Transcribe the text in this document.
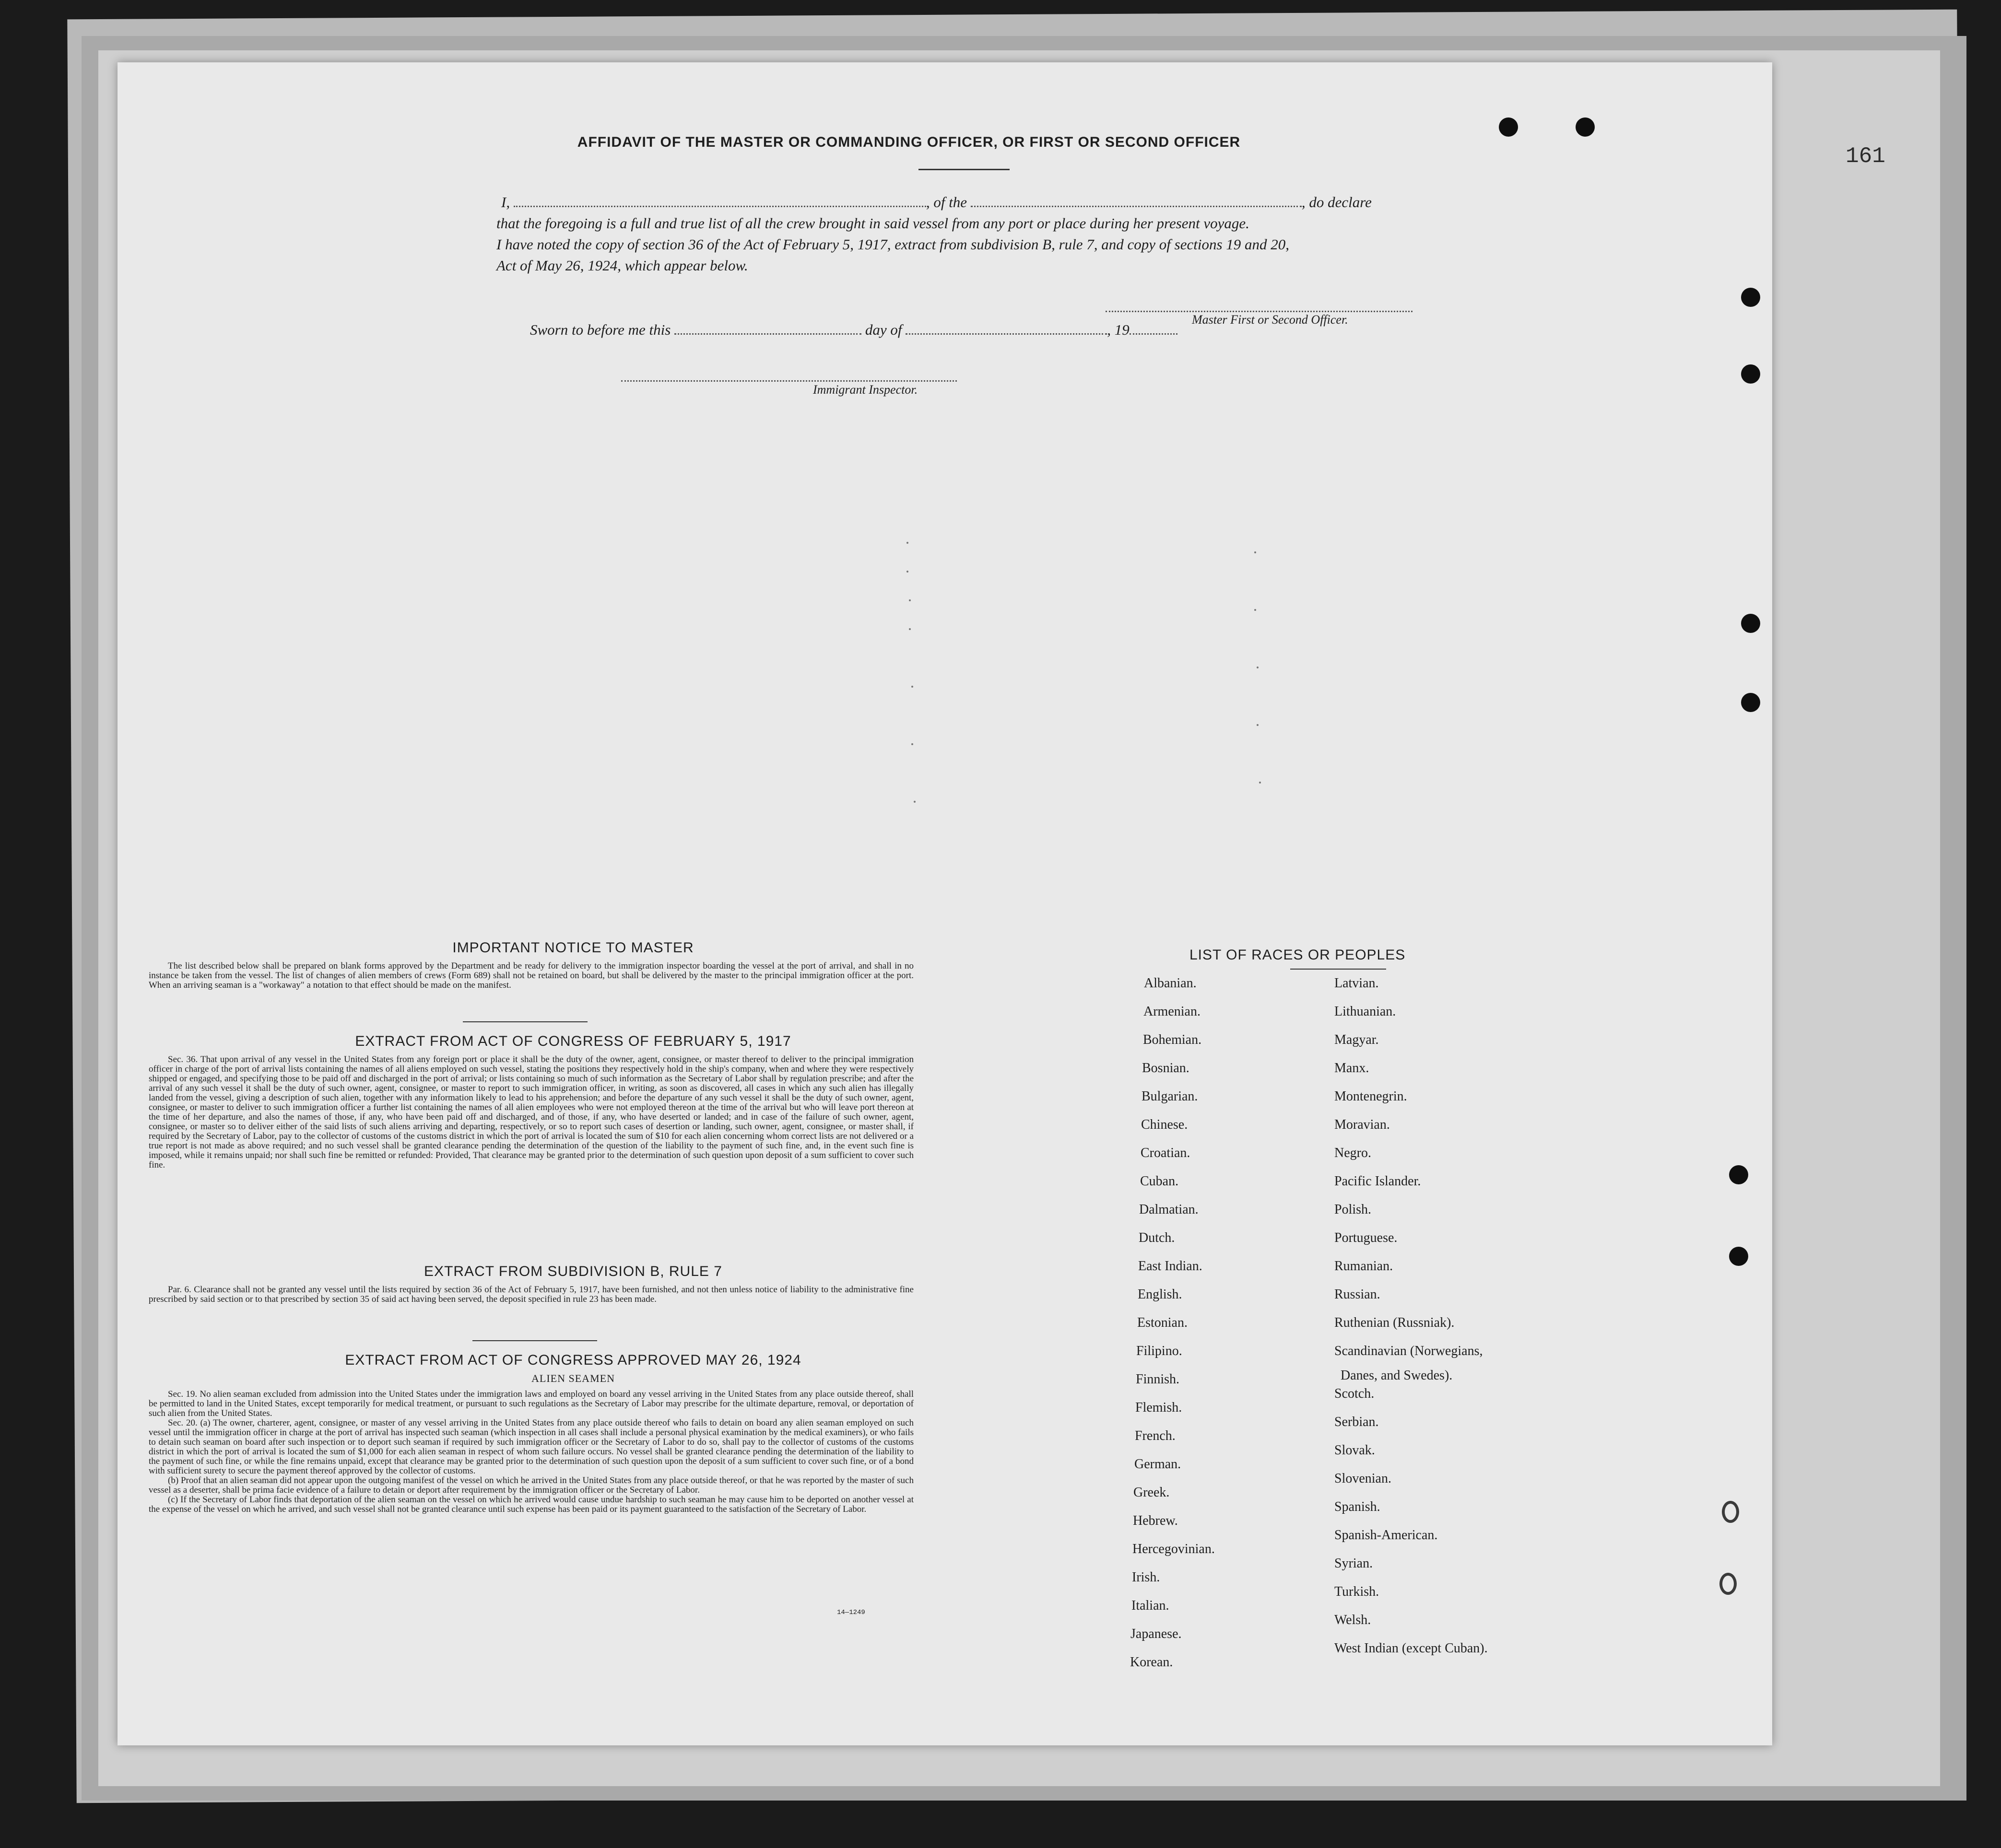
161
AFFIDAVIT OF THE MASTER OR COMMANDING OFFICER, OR FIRST OR SECOND OFFICER
I,	, of the	, do declare
that the foregoing is a full and true list of all the crew brought in said vessel from any port or place during her present voyage.
I have noted the copy of section 36 of the Act of February 5, 1917, extract from subdivision B, rule 7, and copy of sections 19 and 20,
Act of May 26, 1924, which appear below.
Master First or Second Officer.
Sworn to before me this	day of	, 19
Immigrant Inspector.
IMPORTANT NOTICE TO MASTER

The list described below shall be prepared on blank forms approved by the Department and be ready for delivery to the immigration inspector boarding the vessel at the port of arrival, and shall in no instance be taken from the vessel. The list of changes of alien members of crews (Form 689) shall not be retained on board, but shall be delivered by the master to the principal immigration officer at the port. When an arriving seaman is a "workaway" a notation to that effect should be made on the manifest.

EXTRACT FROM ACT OF CONGRESS OF FEBRUARY 5, 1917

Sec. 36. That upon arrival of any vessel in the United States from any foreign port or place it shall be the duty of the owner, agent, consignee, or master thereof to deliver to the principal immigration officer in charge of the port of arrival lists containing the names of all aliens employed on such vessel, stating the positions they respectively hold in the ship's company, when and where they were respectively shipped or engaged, and specifying those to be paid off and discharged in the port of arrival; or lists containing so much of such information as the Secretary of Labor shall by regulation prescribe; and after the arrival of any such vessel it shall be the duty of such owner, agent, consignee, or master to report to such immigration officer, in writing, as soon as discovered, all cases in which any such alien has illegally landed from the vessel, giving a description of such alien, together with any information likely to lead to his apprehension; and before the departure of any such vessel it shall be the duty of such owner, agent, consignee, or master to deliver to such immigration officer a further list containing the names of all alien employees who were not employed thereon at the time of the arrival but who will leave port thereon at the time of her departure, and also the names of those, if any, who have been paid off and discharged, and of those, if any, who have deserted or landed; and in case of the failure of such owner, agent, consignee, or master so to deliver either of the said lists of such aliens arriving and departing, respectively, or so to report such cases of desertion or landing, such owner, agent, consignee, or master shall, if required by the Secretary of Labor, pay to the collector of customs of the customs district in which the port of arrival is located the sum of $10 for each alien concerning whom correct lists are not delivered or a true report is not made as above required; and no such vessel shall be granted clearance pending the determination of the question of the liability to the payment of such fine, and, in the event such fine is imposed, while it remains unpaid; nor shall such fine be remitted or refunded: Provided, That clearance may be granted prior to the determination of such question upon deposit of a sum sufficient to cover such fine.

EXTRACT FROM SUBDIVISION B, RULE 7

Par. 6. Clearance shall not be granted any vessel until the lists required by section 36 of the Act of February 5, 1917, have been furnished, and not then unless notice of liability to the administrative fine prescribed by said section or to that prescribed by section 35 of said act having been served, the deposit specified in rule 23 has been made.

EXTRACT FROM ACT OF CONGRESS APPROVED MAY 26, 1924
ALIEN SEAMEN

Sec. 19. No alien seaman excluded from admission into the United States under the immigration laws and employed on board any vessel arriving in the United States from any place outside thereof, shall be permitted to land in the United States, except temporarily for medical treatment, or pursuant to such regulations as the Secretary of Labor may prescribe for the ultimate departure, removal, or deportation of such alien from the United States.

Sec. 20. (a) The owner, charterer, agent, consignee, or master of any vessel arriving in the United States from any place outside thereof who fails to detain on board any alien seaman employed on such vessel until the immigration officer in charge at the port of arrival has inspected such seaman (which inspection in all cases shall include a personal physical examination by the medical examiners), or who fails to detain such seaman on board after such inspection or to deport such seaman if required by such immigration officer or the Secretary of Labor to do so, shall pay to the collector of customs of the customs district in which the port of arrival is located the sum of $1,000 for each alien seaman in respect of whom such failure occurs. No vessel shall be granted clearance pending the determination of the liability to the payment of such fine, or while the fine remains unpaid, except that clearance may be granted prior to the determination of such question upon the deposit of a sum sufficient to cover such fine, or of a bond with sufficient surety to secure the payment thereof approved by the collector of customs.

(b) Proof that an alien seaman did not appear upon the outgoing manifest of the vessel on which he arrived in the United States from any place outside thereof, or that he was reported by the master of such vessel as a deserter, shall be prima facie evidence of a failure to detain or deport after requirement by the immigration officer or the Secretary of Labor.

(c) If the Secretary of Labor finds that deportation of the alien seaman on the vessel on which he arrived would cause undue hardship to such seaman he may cause him to be deported on another vessel at the expense of the vessel on which he arrived, and such vessel shall not be granted clearance until such expense has been paid or its payment guaranteed to the satisfaction of the Secretary of Labor.

14—1249
LIST OF RACES OR PEOPLES
Albanian.
Armenian.
Bohemian.
Bosnian.
Bulgarian.
Chinese.
Croatian.
Cuban.
Dalmatian.
Dutch.
East Indian.
English.
Estonian.
Filipino.
Finnish.
Flemish.
French.
German.
Greek.
Hebrew.
Hercegovinian.
Irish.
Italian.
Japanese.
Korean.
Latvian.
Lithuanian.
Magyar.
Manx.
Montenegrin.
Moravian.
Negro.
Pacific Islander.
Polish.
Portuguese.
Rumanian.
Russian.
Ruthenian (Russniak).
Scandinavian (Norwegians,
Danes, and Swedes).
Scotch.
Serbian.
Slovak.
Slovenian.
Spanish.
Spanish-American.
Syrian.
Turkish.
Welsh.
West Indian (except Cuban).
